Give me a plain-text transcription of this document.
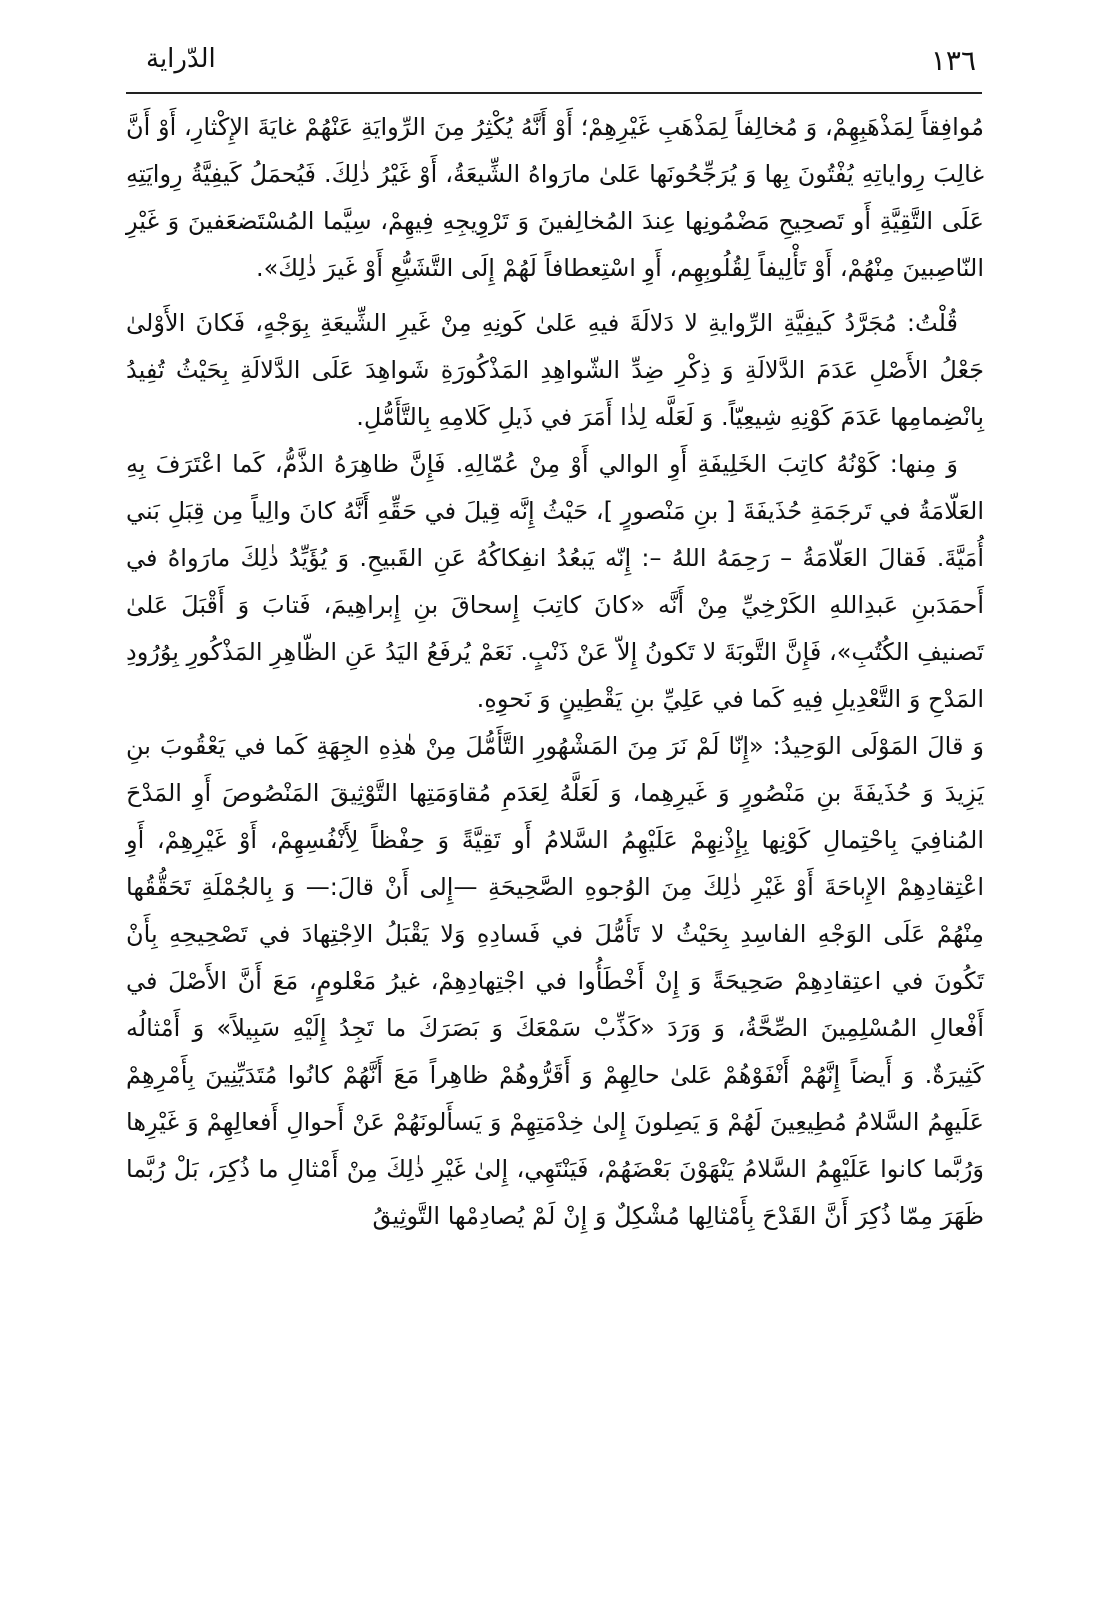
الدّراية	١٣٦

مُوافِقاً لِمَذْهَبِهِمْ، وَ مُخالِفاً لِمَذْهَبِ غَيْرِهِمْ؛ أَوْ أَنَّهُ يُكْثِرُ مِنَ الرِّوايَةِ عَنْهُمْ غايَةَ الإِكْثارِ، أَوْ أَنَّ غالِبَ رِواياتِهِ يُفْتُونَ بِها وَ يُرَجِّحُونَها عَلىٰ مارَواهُ الشِّيعَةُ، أَوْ غَيْرُ ذٰلِكَ. فَيُحمَلُ كَيفِيَّةُ رِوايَتِهِ عَلَى التَّقِيَّةِ أَو تَصحِيحِ مَضْمُونِها عِندَ المُخالِفينَ وَ تَرْوِيجِهِ فِيهِمْ، سِيَّما المُسْتَضعَفينَ وَ غَيْرِ النّاصِبينَ مِنْهُمْ، أَوْ تَأْلِيفاً لِقُلُوبِهِم، أَوِ اسْتِعطافاً لَهُمْ إِلَى التَّشَيُّعِ أَوْ غَيرَ ذٰلِكَ».

قُلْتُ: مُجَرَّدُ كَيفِيَّةِ الرِّوايةِ لا دَلالَةَ فيهِ عَلىٰ كَونِهِ مِنْ غَيرِ الشِّيعَةِ بِوَجْهٍ، فَكانَ الأَوْلىٰ جَعْلُ الأَصْلِ عَدَمَ الدَّلالَةِ وَ ذِكْرِ ضِدِّ الشّواهِدِ المَذْكُورَةِ شَواهِدَ عَلَى الدَّلالَةِ بِحَيْثُ تُفِيدُ بِانْضِمامِها عَدَمَ كَوْنِهِ شِيعِيّاً. وَ لَعَلَّه لِذٰا أَمَرَ في ذَيلِ كَلامِهِ بِالتَّأَمُّلِ.

وَ مِنها: كَوْنُهُ كاتِبَ الخَلِيفَةِ أَوِ الوالي أَوْ مِنْ عُمّالِهِ. فَإِنَّ ظاهِرَهُ الذَّمُّ، كَما اعْتَرَفَ بِهِ العَلّامَةُ في تَرجَمَةِ حُذَيفَةَ [ بنِ مَنْصورٍ ]، حَيْثُ إِنَّه قِيلَ في حَقِّهِ أَنَّهُ كانَ والِياً مِن قِبَلِ بَني أُمَيَّةَ. فَقالَ العَلّامَةُ – رَحِمَهُ اللهُ –: إِنّه يَبعُدُ انفِكاكُهُ عَنِ القَبيحِ. وَ يُؤَيِّدُ ذٰلِكَ مارَواهُ في أَحمَدَبنِ عَبدِاللهِ الكَرْخِيِّ مِنْ أَنَّه «كانَ كاتِبَ إِسحاقَ بنِ إِبراهِيمَ، فَتابَ وَ أَقْبَلَ عَلىٰ تَصنيفِ الكُتُبِ»، فَإِنَّ التَّوبَةَ لا تَكونُ إِلاّ عَنْ ذَنْبٍ. نَعَمْ يُرفَعُ اليَدُ عَنِ الظّاهِرِ المَذْكُورِ بِوُرُودِ المَدْحِ وَ التَّعْدِيلِ فِيهِ كَما في عَلِيِّ بنِ يَقْطِينٍ وَ نَحوِهِ.

وَ قالَ المَوْلَى الوَحِيدُ: «إِنّا لَمْ نَرَ مِنَ المَشْهُورِ التَّأَمُّلَ مِنْ هٰذِهِ الجِهَةِ كَما في يَعْقُوبَ بنِ يَزِيدَ وَ حُذَيفَةَ بنِ مَنْصُورٍ وَ غَيرِهِما، وَ لَعَلَّهُ لِعَدَمِ مُقاوَمَتِها التَّوْثِيقَ المَنْصُوصَ أَوِ المَدْحَ المُنافِيَ بِاحْتِمالِ كَوْنِها بِإِذْنِهِمْ عَلَيْهِمُ السَّلامُ أَو تَقِيَّةً وَ حِفْظاً لِأَنْفُسِهِمْ، أَوْ غَيْرِهِمْ، أَوِ اعْتِقادِهِمْ الإِباحَةَ أَوْ غَيْرِ ذٰلِكَ مِنَ الوُجوهِ الصَّحِيحَةِ —إِلى أَنْ قالَ:— وَ بِالجُمْلَةِ تَحَقُّقُها مِنْهُمْ عَلَى الوَجْهِ الفاسِدِ بِحَيْثُ لا تَأَمُّلَ في فَسادِهِ وَلا يَقْبَلُ الاِجْتِهادَ في تَصْحِيحِهِ بِأَنْ تَكُونَ في اعتِقادِهِمْ صَحِيحَةً وَ إِنْ أَخْطَأُوا في اجْتِهادِهِمْ، غيرُ مَعْلومٍ، مَعَ أَنَّ الأَصْلَ في أَفْعالِ المُسْلِمِينَ الصِّحَّةُ، وَ وَرَدَ «كَذِّبْ سَمْعَكَ وَ بَصَرَكَ ما تَجِدُ إِلَيْهِ سَبِيلاً» وَ أَمْثالُه كَثِيرَةٌ. وَ أَيضاً إِنَّهُمْ أَنْفَوْهُمْ عَلىٰ حالِهِمْ وَ أَقَرُّوهُمْ ظاهِراً مَعَ أَنَّهُمْ كانُوا مُتَدَيِّنِينَ بِأَمْرِهِمْ عَلَيهِمُ السَّلامُ مُطِيعِينَ لَهُمْ وَ يَصِلونَ إِلىٰ خِدْمَتِهِمْ وَ يَسأَلونَهُمْ عَنْ أَحوالِ أَفعالِهِمْ وَ غَيْرِها وَرُبَّما كانوا عَلَيْهِمُ السَّلامُ يَنْهَوْنَ بَعْضَهُمْ، فَيَنْتَهِي، إِلىٰ غَيْرِ ذٰلِكَ مِنْ أَمْثالِ ما ذُكِرَ، بَلْ رُبَّما ظَهَرَ مِمّا ذُكِرَ أَنَّ القَدْحَ بِأَمْثالِها مُشْكِلٌ وَ إِنْ لَمْ يُصادِمْها التَّوثِيقُ
